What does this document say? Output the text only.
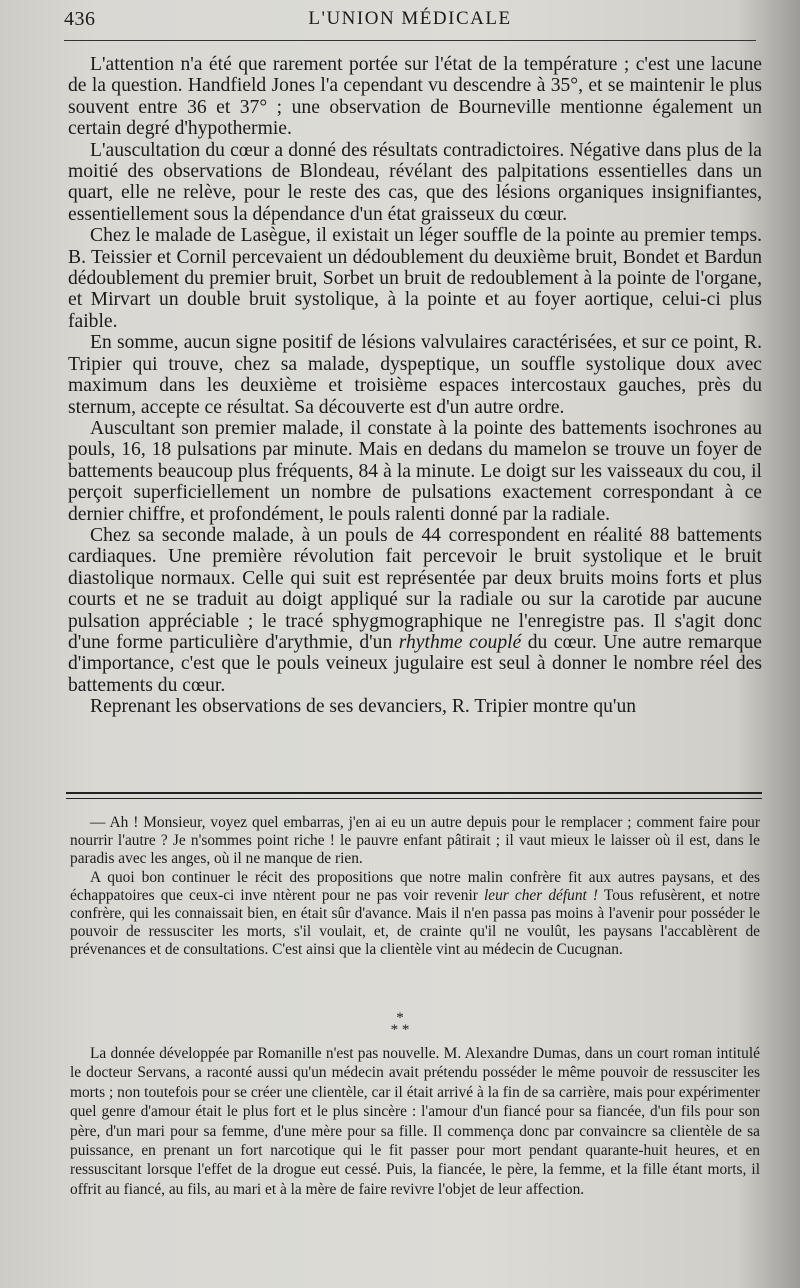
436	L'UNION MÉDICALE

L'attention n'a été que rarement portée sur l'état de la température ; c'est une lacune de la question. Handfield Jones l'a cependant vu descendre à 35°, et se maintenir le plus souvent entre 36 et 37° ; une observation de Bourneville mentionne également un certain degré d'hypothermie.

L'auscultation du cœur a donné des résultats contradictoires. Négative dans plus de la moitié des observations de Blondeau, révélant des palpitations essentielles dans un quart, elle ne relève, pour le reste des cas, que des lésions organiques insignifiantes, essentiellement sous la dépendance d'un état graisseux du cœur.

Chez le malade de Lasègue, il existait un léger souffle de la pointe au premier temps. B. Teissier et Cornil percevaient un dédoublement du deuxième bruit, Bondet et Bardun dédoublement du premier bruit, Sorbet un bruit de redoublement à la pointe de l'organe, et Mirvart un double bruit systolique, à la pointe et au foyer aortique, celui-ci plus faible.

En somme, aucun signe positif de lésions valvulaires caractérisées, et sur ce point, R. Tripier qui trouve, chez sa malade, dyspeptique, un souffle systolique doux avec maximum dans les deuxième et troisième espaces intercostaux gauches, près du sternum, accepte ce résultat. Sa découverte est d'un autre ordre.

Auscultant son premier malade, il constate à la pointe des battements isochrones au pouls, 16, 18 pulsations par minute. Mais en dedans du mamelon se trouve un foyer de battements beaucoup plus fréquents, 84 à la minute. Le doigt sur les vaisseaux du cou, il perçoit superficiellement un nombre de pulsations exactement correspondant à ce dernier chiffre, et profondément, le pouls ralenti donné par la radiale.

Chez sa seconde malade, à un pouls de 44 correspondent en réalité 88 battements cardiaques. Une première révolution fait percevoir le bruit systolique et le bruit diastolique normaux. Celle qui suit est représentée par deux bruits moins forts et plus courts et ne se traduit au doigt appliqué sur la radiale ou sur la carotide par aucune pulsation appréciable ; le tracé sphygmographique ne l'enregistre pas. Il s'agit donc d'une forme particulière d'arythmie, d'un rhythme couplé du cœur. Une autre remarque d'importance, c'est que le pouls veineux jugulaire est seul à donner le nombre réel des battements du cœur.

Reprenant les observations de ses devanciers, R. Tripier montre qu'un

— Ah ! Monsieur, voyez quel embarras, j'en ai eu un autre depuis pour le remplacer ; comment faire pour nourrir l'autre ? Je n'sommes point riche ! le pauvre enfant pâtirait ; il vaut mieux le laisser où il est, dans le paradis avec les anges, où il ne manque de rien.

A quoi bon continuer le récit des propositions que notre malin confrère fit aux autres paysans, et des échappatoires que ceux-ci inve ntèrent pour ne pas voir revenir leur cher défunt ! Tous refusèrent, et notre confrère, qui les connaissait bien, en était sûr d'avance. Mais il n'en passa pas moins à l'avenir pour posséder le pouvoir de ressusciter les morts, s'il voulait, et, de crainte qu'il ne voulût, les paysans l'accablèrent de prévenances et de consultations. C'est ainsi que la clientèle vint au médecin de Cucugnan.

*
* *

La donnée développée par Romanille n'est pas nouvelle. M. Alexandre Dumas, dans un court roman intitulé le docteur Servans, a raconté aussi qu'un médecin avait prétendu posséder le même pouvoir de ressusciter les morts ; non toutefois pour se créer une clientèle, car il était arrivé à la fin de sa carrière, mais pour expérimenter quel genre d'amour était le plus fort et le plus sincère : l'amour d'un fiancé pour sa fiancée, d'un fils pour son père, d'un mari pour sa femme, d'une mère pour sa fille. Il commença donc par convaincre sa clientèle de sa puissance, en prenant un fort narcotique qui le fit passer pour mort pendant quarante-huit heures, et en ressuscitant lorsque l'effet de la drogue eut cessé. Puis, la fiancée, le père, la femme, et la fille étant morts, il offrit au fiancé, au fils, au mari et à la mère de faire revivre l'objet de leur affection.
